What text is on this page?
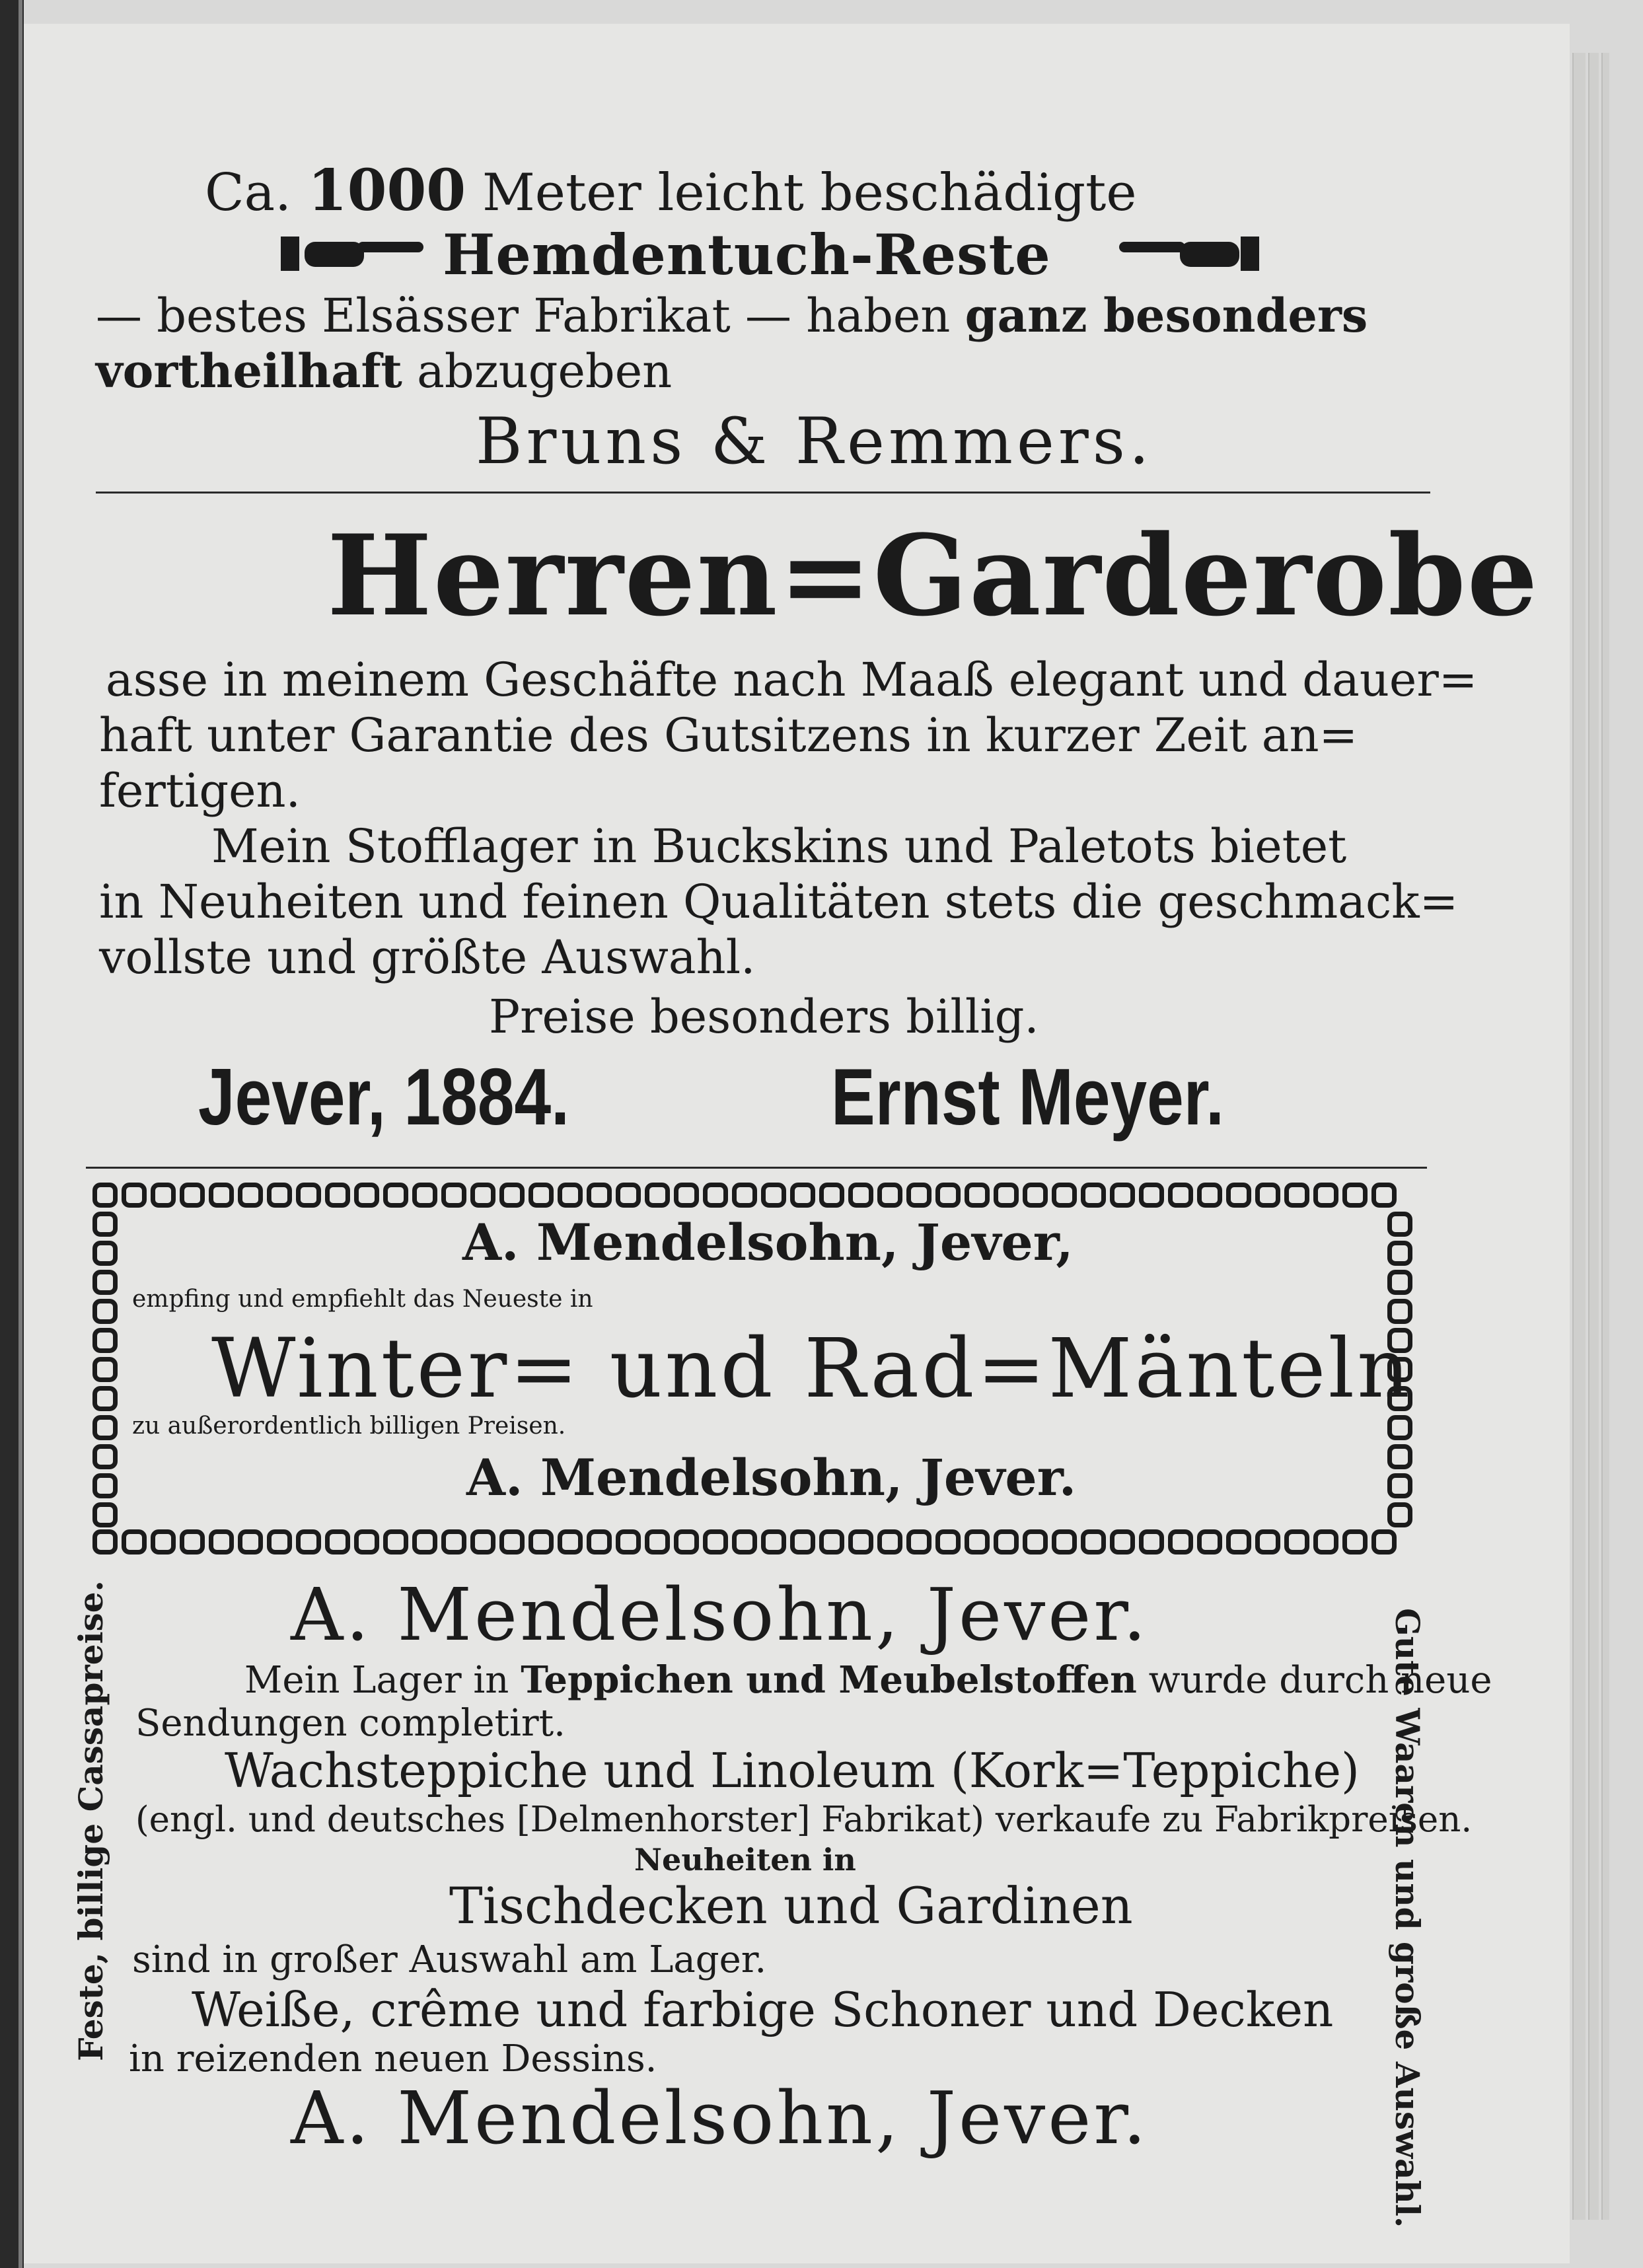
Ca. 1000 Meter leicht beschädigte
Hemdentuch-Reste
— bestes Elsässer Fabrikat — haben ganz besonders
vortheilhaft abzugeben
Bruns & Remmers.
Herren=Garderobe
asse in meinem Geschäfte nach Maaß elegant und dauer=
haft unter Garantie des Gutsitzens in kurzer Zeit an=
fertigen.
Mein Stofflager in Buckskins und Paletots bietet
in Neuheiten und feinen Qualitäten stets die geschmack=
vollste und größte Auswahl.
Preise besonders billig.
Jever, 1884.	Ernst Meyer.
A. Mendelsohn, Jever,
empfing und empfiehlt das Neueste in
Winter= und Rad=Mänteln
zu außerordentlich billigen Preisen.
A. Mendelsohn, Jever.
A. Mendelsohn, Jever.
Mein Lager in Teppichen und Meubelstoffen wurde durch neue
Sendungen completirt.
Wachsteppiche und Linoleum (Kork=Teppiche)
(engl. und deutsches [Delmenhorster] Fabrikat) verkaufe zu Fabrikpreisen.
Neuheiten in
Tischdecken und Gardinen
sind in großer Auswahl am Lager.
Weiße, crême und farbige Schoner und Decken
in reizenden neuen Dessins.
A. Mendelsohn, Jever.
Feste, billige Cassapreise.	Gute Waaren und große Auswahl.
